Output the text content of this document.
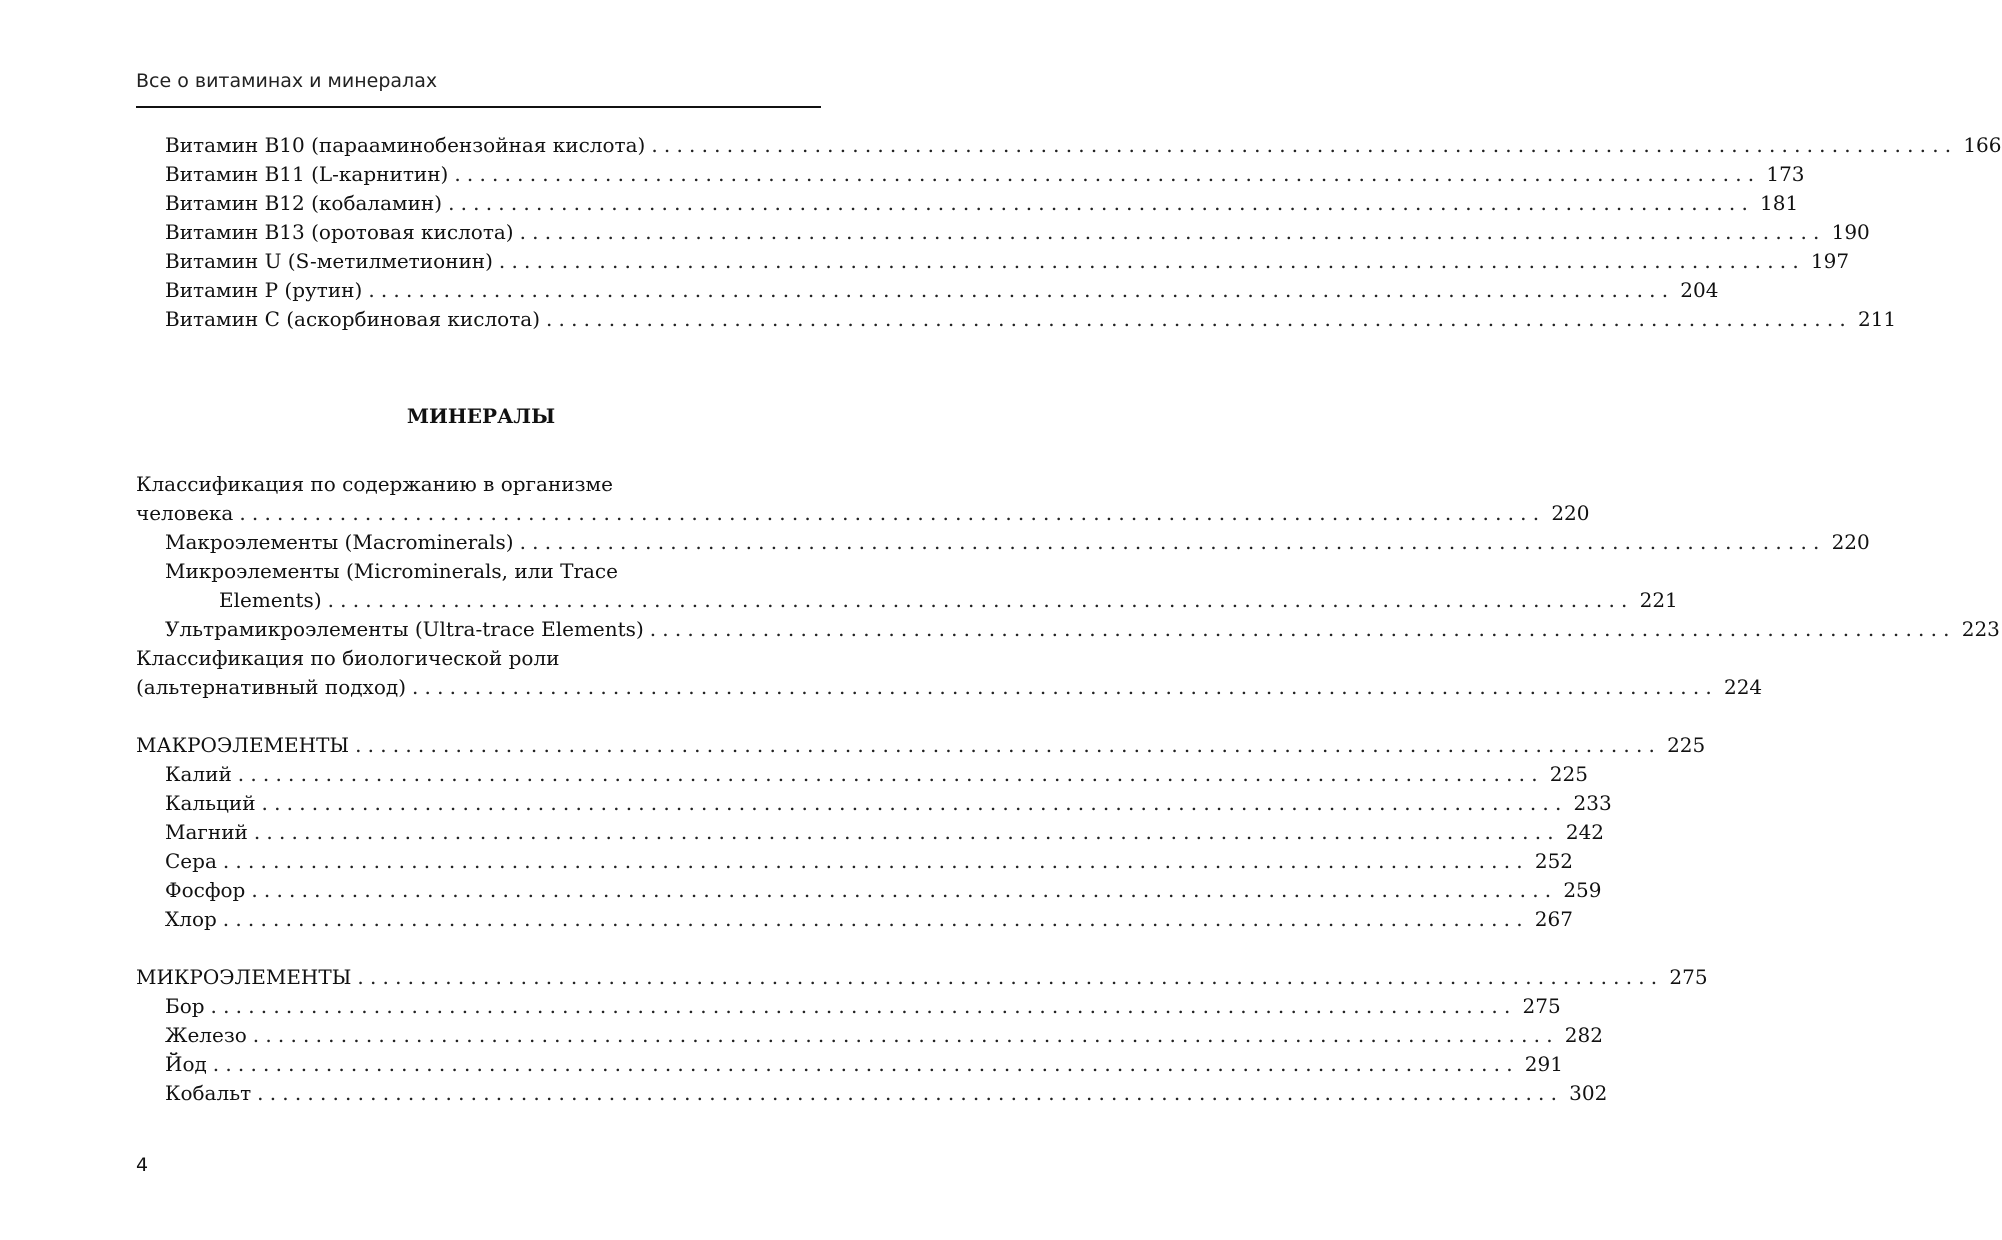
Все о витаминах и минералах
Витамин B10 (парааминобензойная кислота) ........................................................................................................ 166
Витамин B11 (L-карнитин) ........................................................................................................ 173
Витамин B12 (кобаламин) ........................................................................................................ 181
Витамин B13 (оротовая кислота) ........................................................................................................ 190
Витамин U (S-метилметионин) ........................................................................................................ 197
Витамин P (рутин) ........................................................................................................ 204
Витамин C (аскорбиновая кислота) ........................................................................................................ 211
МИНЕРАЛЫ
Классификация по содержанию в организме
человека ........................................................................................................ 220
Макроэлементы (Macrominerals) ........................................................................................................ 220
Микроэлементы (Microminerals, или Trace
Elements) ........................................................................................................ 221
Ультрамикроэлементы (Ultra-trace Elements) ........................................................................................................ 223
Классификация по биологической роли
(альтернативный подход) ........................................................................................................ 224
МАКРОЭЛЕМЕНТЫ ........................................................................................................ 225
Калий ........................................................................................................ 225
Кальций ........................................................................................................ 233
Магний ........................................................................................................ 242
Сера ........................................................................................................ 252
Фосфор ........................................................................................................ 259
Хлор ........................................................................................................ 267
МИКРОЭЛЕМЕНТЫ ........................................................................................................ 275
Бор ........................................................................................................ 275
Железо ........................................................................................................ 282
Йод ........................................................................................................ 291
Кобальт ........................................................................................................ 302
4
